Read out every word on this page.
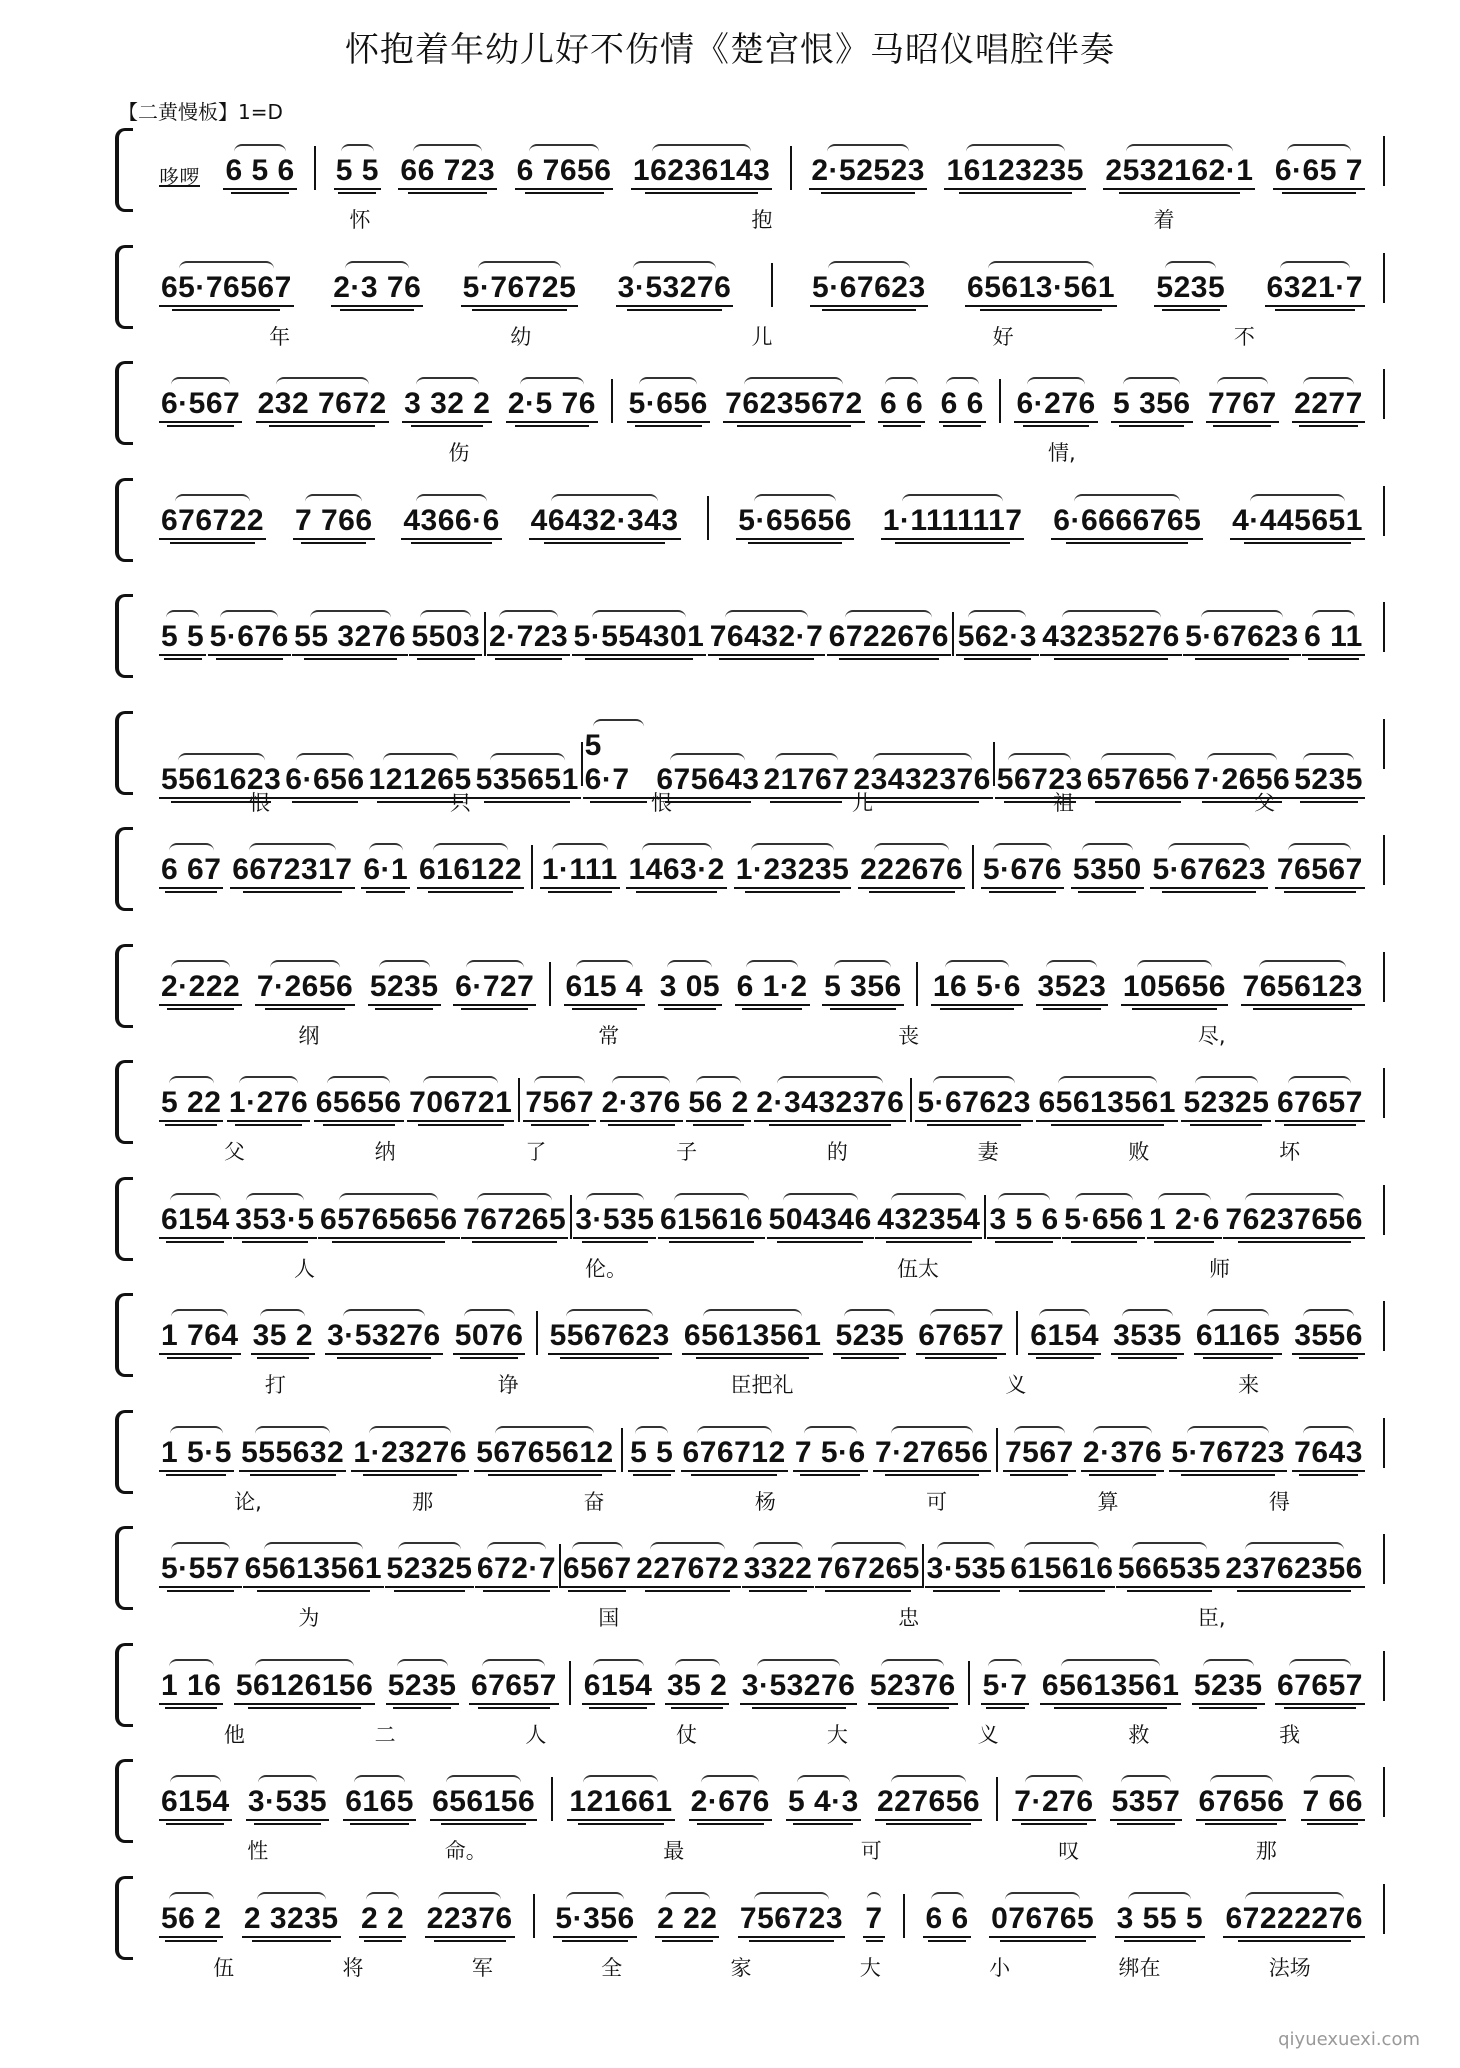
怀抱着年幼儿好不伤情《楚宫恨》马昭仪唱腔伴奏
【二黄慢板】1=D
哆啰 6 5 6 5 5 66 723 6 7656 16236143 2·52523 16123235 2532162·1 6·65 7
怀	抱	着
65·76567 2·3 76 5·76725 3·53276	5·67623 65613·561 5235 6321·7
年	幼	儿	好	不
6·567 232 7672 3 32 2 2·5 76 5·656 76235672 6 6 6 6 6·276 5 356 7767 2277
伤	情,
676722 7 766 4366·6 46432·343 5·65656 1·1111117 6·6666765 4·445651
5 5 5·676 55 3276 5503 2·723 5·554301 76432·7 6722676 562·3 43235276 5·67623 6 11
5561623 6·656 121265 535651
5 6·7 675643 21767 23432376 56723 657656 7·2656 5235
恨	只	恨	儿	祖	父
6 67 6672317 6·1 616122 1·111 1463·2 1·23235 222676 5·676 5350 5·67623 76567
2·222 7·2656 5235 6·727 615 4 3 05 6 1·2 5 356 16 5·6 3523 105656 7656123
纲	常	丧	尽,
5 22 1·276 65656 706721 7567 2·376 56 2 2·3432376 5·67623 65613561 52325 67657
父	纳	了	子	的	妻	败	坏
6154 353·5 65765656 767265 3·535 615616 504346 432354 3 5 6 5·656 1 2·6 76237656
人	伦。	伍太	师
1 764 35 2 3·53276 5076 5567623 65613561 5235 67657 6154 3535 61165 3556
打	诤	臣把礼	义	来
1 5·5 555632 1·23276 56765612 5 5 676712 7 5·6 7·27656 7567 2·376 5·76723 7643
论,	那	奋	杨	可	算	得
5·557 65613561 52325 672·7 6567 227672 3322 767265 3·535 615616 566535 23762356
为	国	忠	臣,
1 16 56126156 5235 67657 6154 35 2 3·53276 52376 5·7 65613561 5235 67657
他	二	人	仗	大	义	救	我
6154 3·535 6165 656156 121661 2·676 5 4·3 227656 7·276 5357 67656 7 66
性	命。	最	可	叹	那
56 2 2 3235 2 2 22376 5·356 2 22 756723 7 6 6 076765 3 55 5 67222276
伍	将	军	全	家	大	小	绑在	法场
qiyuexuexi.com
